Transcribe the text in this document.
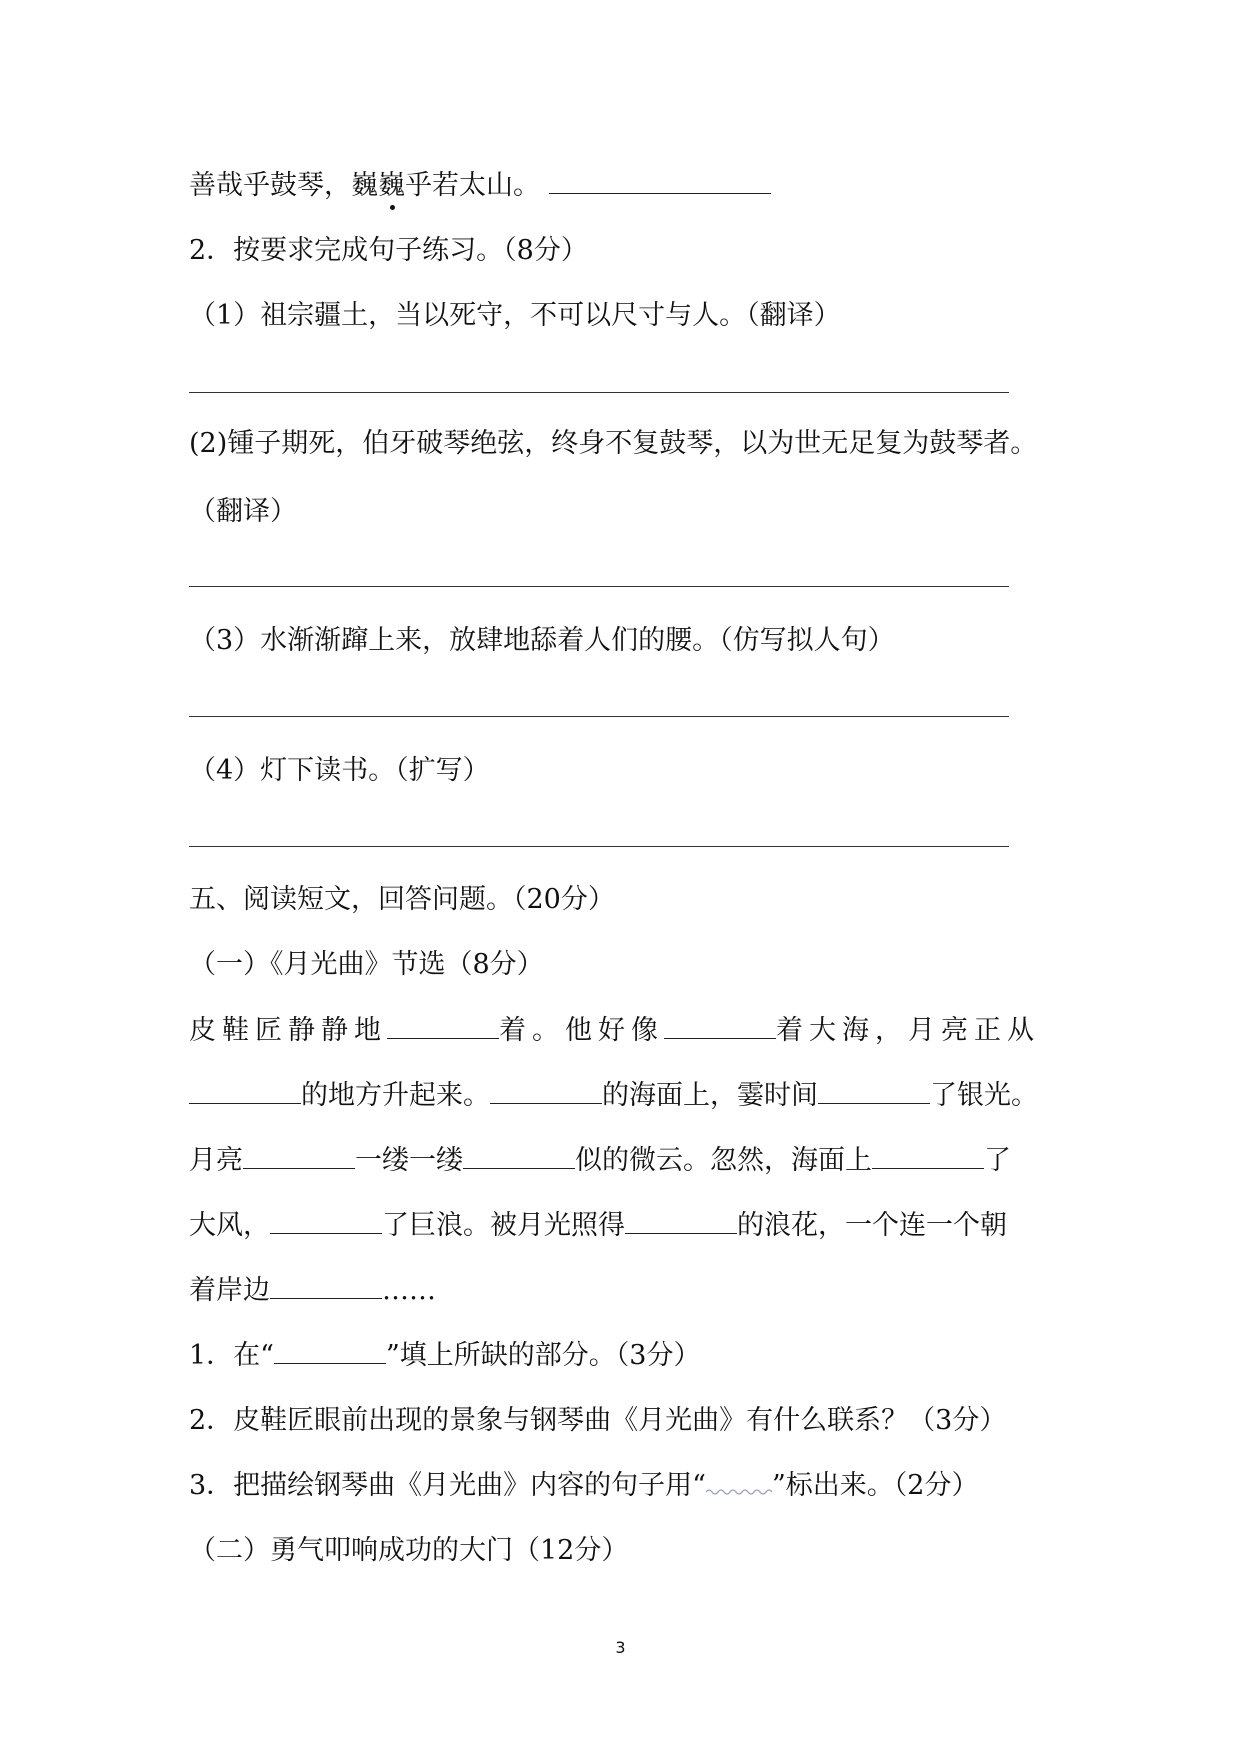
善哉乎鼓琴，巍巍
乎若太山。
2．按要求完成句子练习。（8分）
（1）祖宗疆土，当以死守，不可以尺寸与人。（翻译）
(2)锺子期死，伯牙破琴绝弦，终身不复鼓琴，以为世无足复为鼓琴者。
（翻译）
（3）水渐渐蹿上来，放肆地舔着人们的腰。（仿写拟人句）
（4）灯下读书。（扩写）
五、阅读短文，回答问题。（20分）
（一）《月光曲》节选（8分）
皮鞋匠静静地	着。他好像	着大海，月亮正从
的地方升起来。	的海面上，霎时间	了银光。
月亮	一缕一缕	似的微云。忽然，海面上	了
大风，	了巨浪。被月光照得	的浪花，一个连一个朝
着岸边	……
1．在“	”填上所缺的部分。（3分）
2．皮鞋匠眼前出现的景象与钢琴曲《月光曲》有什么联系？（3分）
3．把描绘钢琴曲《月光曲》内容的句子用“ ”标出来。（2分）
（二）勇气叩响成功的大门（12分）
3
